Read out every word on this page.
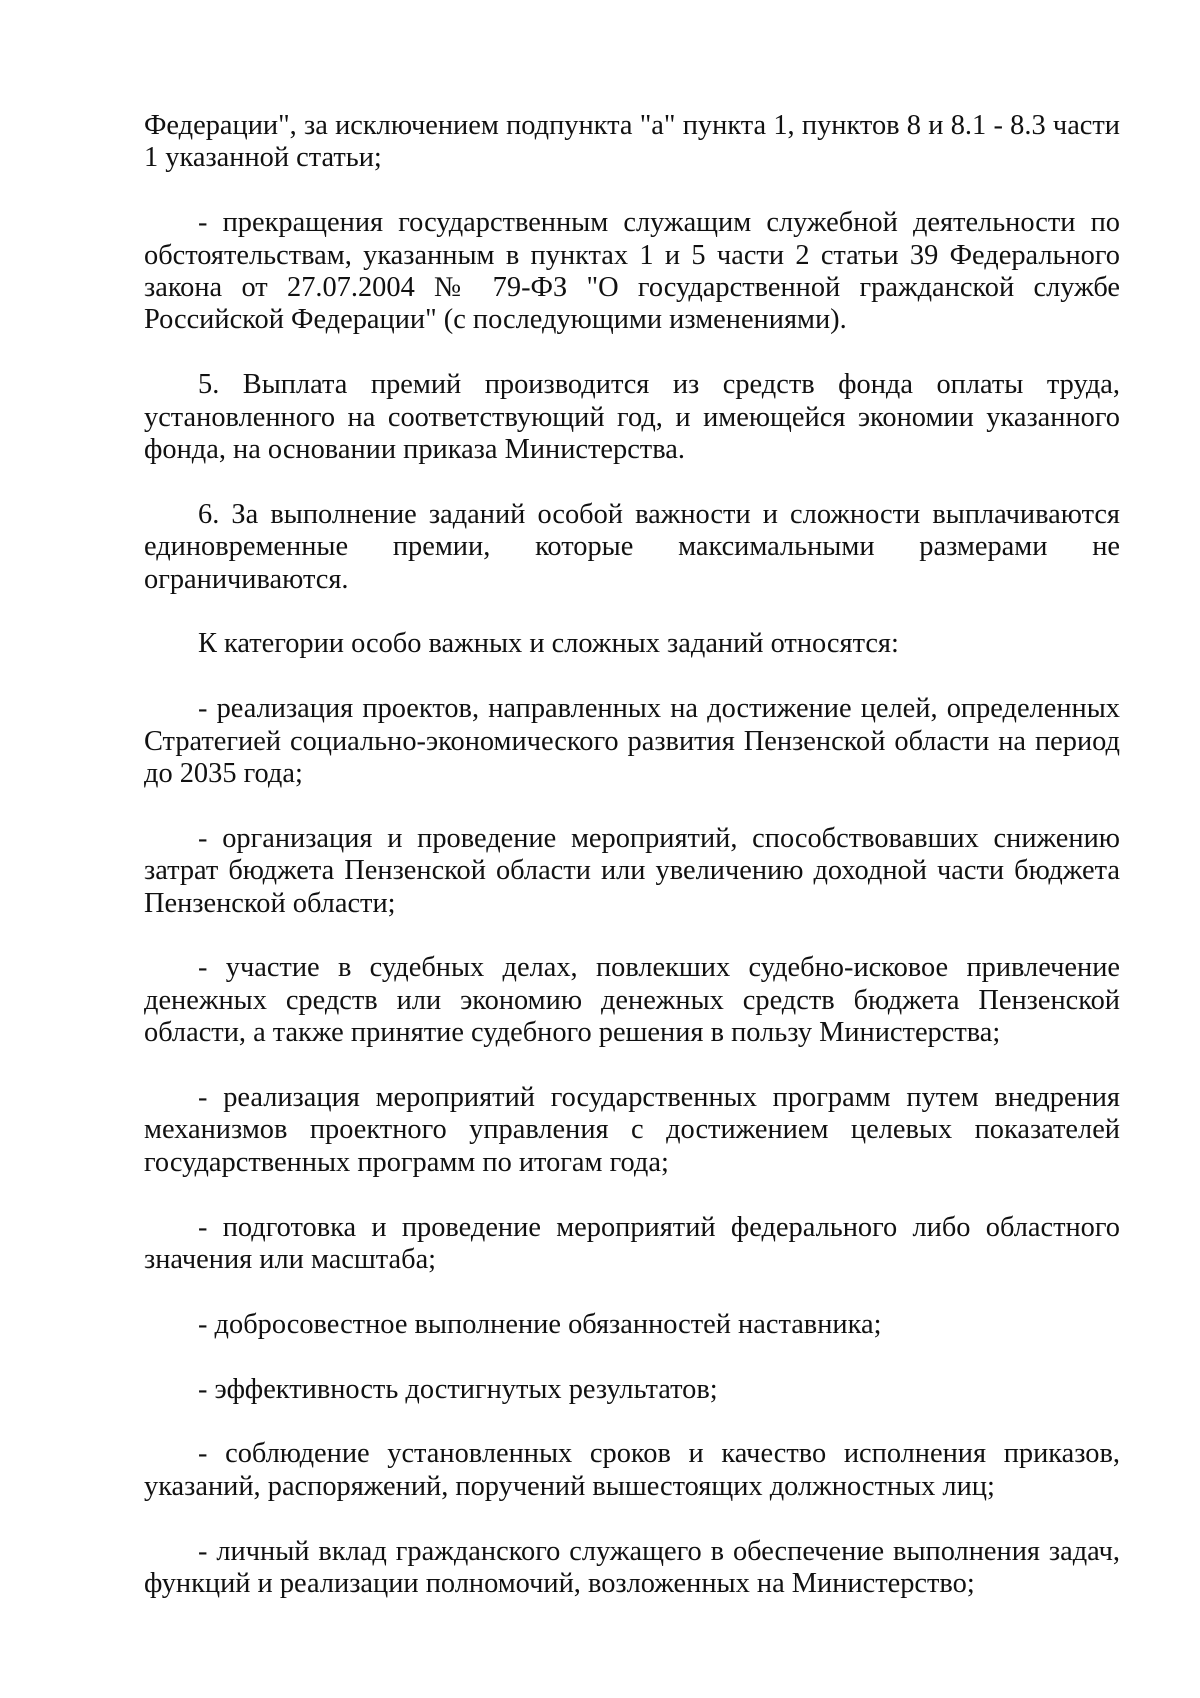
Федерации", за исключением подпункта "а" пункта 1, пунктов 8 и 8.1 - 8.3 части 1 указанной статьи;

- прекращения государственным служащим служебной деятельности по обстоятельствам, указанным в пунктах 1 и 5 части 2 статьи 39 Федерального закона от 27.07.2004 № 79-ФЗ "О государственной гражданской службе Российской Федерации" (с последующими изменениями).

5. Выплата премий производится из средств фонда оплаты труда, установленного на соответствующий год, и имеющейся экономии указанного фонда, на основании приказа Министерства.

6. За выполнение заданий особой важности и сложности выплачиваются единовременные премии, которые максимальными размерами не ограничиваются.

К категории особо важных и сложных заданий относятся:

- реализация проектов, направленных на достижение целей, определенных Стратегией социально-экономического развития Пензенской области на период до 2035 года;

- организация и проведение мероприятий, способствовавших снижению затрат бюджета Пензенской области или увеличению доходной части бюджета Пензенской области;

- участие в судебных делах, повлекших судебно-исковое привлечение денежных средств или экономию денежных средств бюджета Пензенской области, а также принятие судебного решения в пользу Министерства;

- реализация мероприятий государственных программ путем внедрения механизмов проектного управления с достижением целевых показателей государственных программ по итогам года;

- подготовка и проведение мероприятий федерального либо областного значения или масштаба;

- добросовестное выполнение обязанностей наставника;

- эффективность достигнутых результатов;

- соблюдение установленных сроков и качество исполнения приказов, указаний, распоряжений, поручений вышестоящих должностных лиц;

- личный вклад гражданского служащего в обеспечение выполнения задач, функций и реализации полномочий, возложенных на Министерство;
